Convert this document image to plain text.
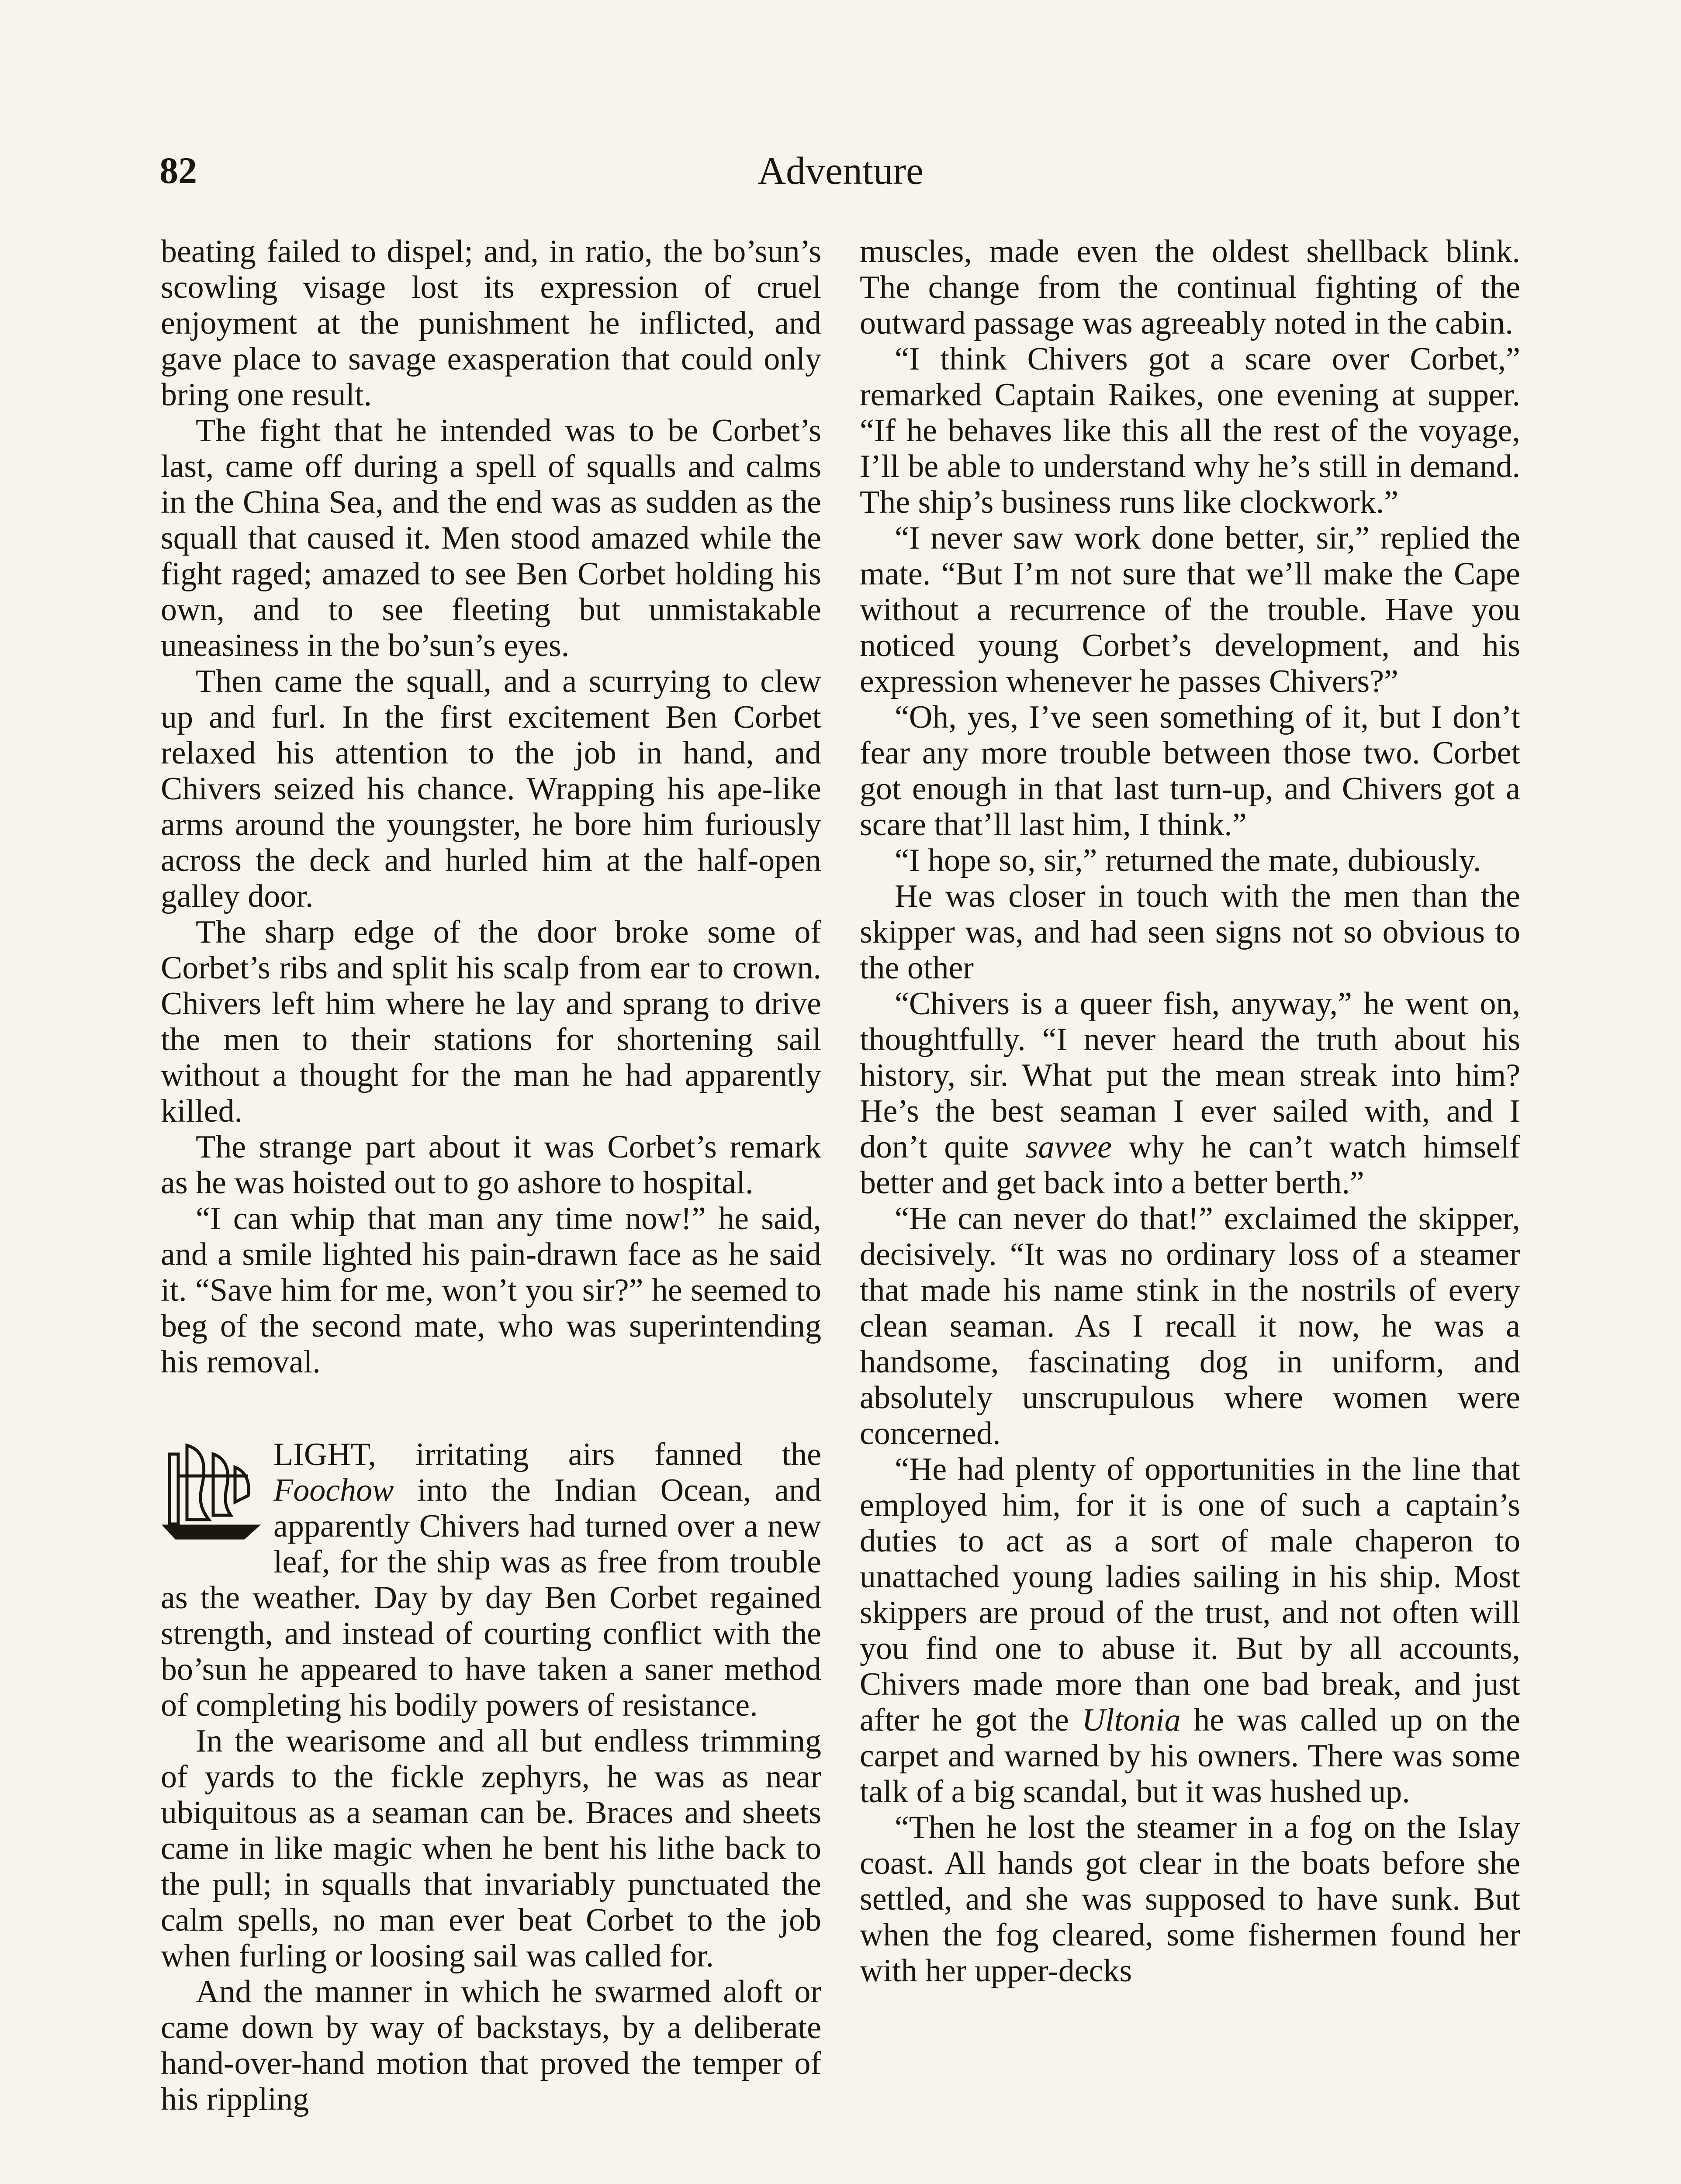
82	Adventure

beating failed to dispel; and, in ratio, the bo’sun’s scowling visage lost its expression of cruel enjoyment at the punishment he inflicted, and gave place to savage exasperation that could only bring one result.

The fight that he intended was to be Corbet’s last, came off during a spell of squalls and calms in the China Sea, and the end was as sudden as the squall that caused it. Men stood amazed while the fight raged; amazed to see Ben Corbet holding his own, and to see fleeting but unmistakable uneasiness in the bo’sun’s eyes.

Then came the squall, and a scurrying to clew up and furl. In the first excitement Ben Corbet relaxed his attention to the job in hand, and Chivers seized his chance. Wrapping his ape-like arms around the youngster, he bore him furiously across the deck and hurled him at the half-open galley door.

The sharp edge of the door broke some of Corbet’s ribs and split his scalp from ear to crown. Chivers left him where he lay and sprang to drive the men to their stations for shortening sail without a thought for the man he had apparently killed.

The strange part about it was Corbet’s remark as he was hoisted out to go ashore to hospital.

“I can whip that man any time now!” he said, and a smile lighted his pain-drawn face as he said it. “Save him for me, won’t you sir?” he seemed to beg of the second mate, who was superintending his removal.

LIGHT, irritating airs fanned the Foochow into the Indian Ocean, and apparently Chivers had turned over a new leaf, for the ship was as free from trouble as the weather. Day by day Ben Corbet regained strength, and instead of courting conflict with the bo’sun he appeared to have taken a saner method of completing his bodily powers of resistance.

In the wearisome and all but endless trimming of yards to the fickle zephyrs, he was as near ubiquitous as a seaman can be. Braces and sheets came in like magic when he bent his lithe back to the pull; in squalls that invariably punctuated the calm spells, no man ever beat Corbet to the job when furling or loosing sail was called for.

And the manner in which he swarmed aloft or came down by way of backstays, by a deliberate hand-over-hand motion that proved the temper of his rippling

muscles, made even the oldest shellback blink. The change from the continual fighting of the outward passage was agreeably noted in the cabin.

“I think Chivers got a scare over Corbet,” remarked Captain Raikes, one evening at supper. “If he behaves like this all the rest of the voyage, I’ll be able to understand why he’s still in demand. The ship’s business runs like clockwork.”

“I never saw work done better, sir,” replied the mate. “But I’m not sure that we’ll make the Cape without a recurrence of the trouble. Have you noticed young Corbet’s development, and his expression whenever he passes Chivers?”

“Oh, yes, I’ve seen something of it, but I don’t fear any more trouble between those two. Corbet got enough in that last turn-up, and Chivers got a scare that’ll last him, I think.”

“I hope so, sir,” returned the mate, dubiously.

He was closer in touch with the men than the skipper was, and had seen signs not so obvious to the other

“Chivers is a queer fish, anyway,” he went on, thoughtfully. “I never heard the truth about his history, sir. What put the mean streak into him? He’s the best seaman I ever sailed with, and I don’t quite savvee why he can’t watch himself better and get back into a better berth.”

“He can never do that!” exclaimed the skipper, decisively. “It was no ordinary loss of a steamer that made his name stink in the nostrils of every clean seaman. As I recall it now, he was a handsome, fascinating dog in uniform, and absolutely unscrupulous where women were concerned.

“He had plenty of opportunities in the line that employed him, for it is one of such a captain’s duties to act as a sort of male chaperon to unattached young ladies sailing in his ship. Most skippers are proud of the trust, and not often will you find one to abuse it. But by all accounts, Chivers made more than one bad break, and just after he got the Ultonia he was called up on the carpet and warned by his owners. There was some talk of a big scandal, but it was hushed up.

“Then he lost the steamer in a fog on the Islay coast. All hands got clear in the boats before she settled, and she was supposed to have sunk. But when the fog cleared, some fishermen found her with her upper-decks
